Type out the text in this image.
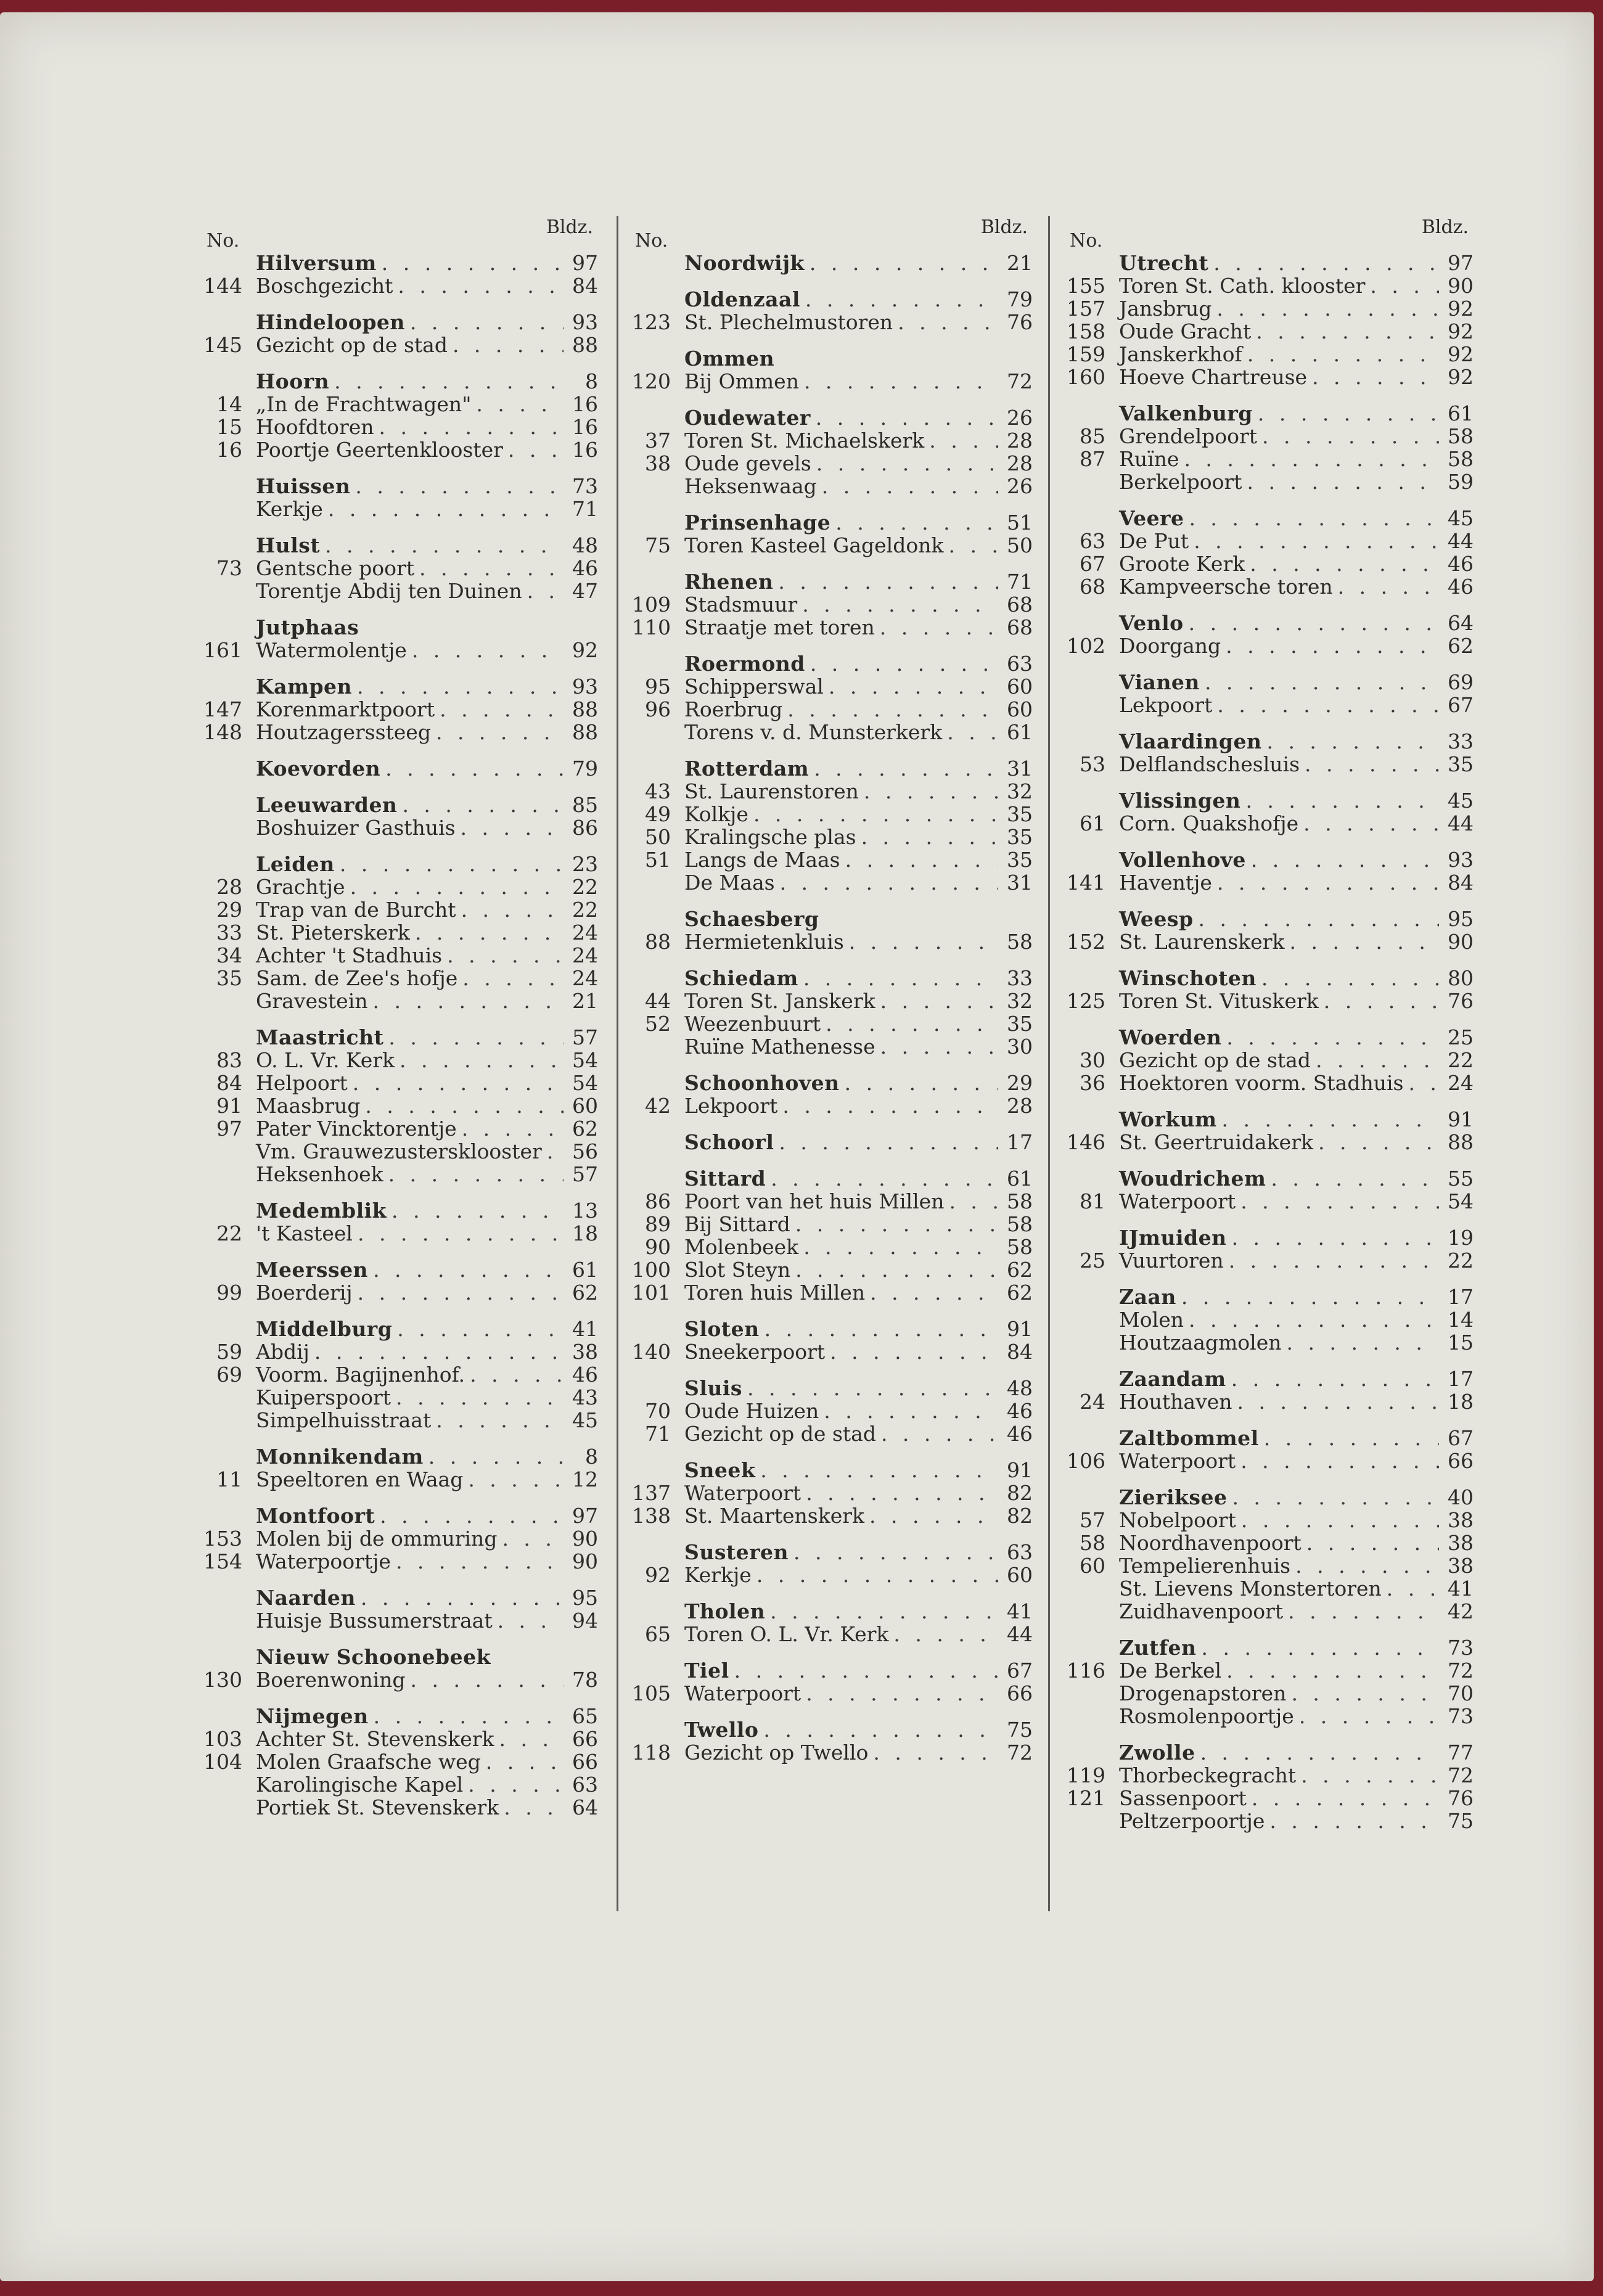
No.
Bldz.
Hilversum . . .	97
144 Boschgezicht . . .	84
Hindeloopen . . .	93
145 Gezicht op de stad . . .	88
Hoorn . . .	8
14 „In de Frachtwagen" . . .	16
15 Hoofdtoren . . .	16
16 Poortje Geertenklooster . . .	16
Huissen . . .	73
Kerkje . . .	71
Hulst . . .	48
73 Gentsche poort . . .	46
Torentje Abdij ten Duinen . . .	47
Jutphaas
161 Watermolentje . . .	92
Kampen . . .	93
147 Korenmarktpoort . . .	88
148 Houtzagerssteeg . . .	88
Koevorden . . .	79
Leeuwarden . . .	85
Boshuizer Gasthuis . . .	86
Leiden . . .	23
28 Grachtje . . .	22
29 Trap van de Burcht . . .	22
33 St. Pieterskerk . . .	24
34 Achter 't Stadhuis . . .	24
35 Sam. de Zee's hofje . . .	24
Gravestein . . .	21
Maastricht . . .	57
83 O. L. Vr. Kerk . . .	54
84 Helpoort . . .	54
91 Maasbrug . . .	60
97 Pater Vincktorentje . . .	62
Vm. Grauwezustersklooster . . .	56
Heksenhoek . . .	57
Medemblik . . .	13
22 't Kasteel . . .	18
Meerssen . . .	61
99 Boerderij . . .	62
Middelburg . . .	41
59 Abdij . . .	38
69 Voorm. Bagijnenhof. . . .	46
Kuiperspoort . . .	43
Simpelhuisstraat . . .	45
Monnikendam . . .	8
11 Speeltoren en Waag . . .	12
Montfoort . . .	97
153 Molen bij de ommuring . . .	90
154 Waterpoortje . . .	90
Naarden . . .	95
Huisje Bussumerstraat . . .	94
Nieuw Schoonebeek
130 Boerenwoning . . .	78
Nijmegen . . .	65
103 Achter St. Stevenskerk . . .	66
104 Molen Graafsche weg . . .	66
Karolingische Kapel . . .	63
Portiek St. Stevenskerk . . .	64
No.
Bldz.
Noordwijk . . .	21
Oldenzaal . . .	79
123 St. Plechelmustoren . . .	76
Ommen
120 Bij Ommen . . .	72
Oudewater . . .	26
37 Toren St. Michaelskerk . . .	28
38 Oude gevels . . .	28
Heksenwaag . . .	26
Prinsenhage . . .	51
75 Toren Kasteel Gageldonk . . .	50
Rhenen . . .	71
109 Stadsmuur . . .	68
110 Straatje met toren . . .	68
Roermond . . .	63
95 Schipperswal . . .	60
96 Roerbrug . . .	60
Torens v. d. Munsterkerk . . .	61
Rotterdam . . .	31
43 St. Laurenstoren . . .	32
49 Kolkje . . .	35
50 Kralingsche plas . . .	35
51 Langs de Maas . . .	35
De Maas . . .	31
Schaesberg
88 Hermietenkluis . . .	58
Schiedam . . .	33
44 Toren St. Janskerk . . .	32
52 Weezenbuurt . . .	35
Ruïne Mathenesse . . .	30
Schoonhoven . . .	29
42 Lekpoort . . .	28
Schoorl . . .	17
Sittard . . .	61
86 Poort van het huis Millen . . .	58
89 Bij Sittard . . .	58
90 Molenbeek . . .	58
100 Slot Steyn . . .	62
101 Toren huis Millen . . .	62
Sloten . . .	91
140 Sneekerpoort . . .	84
Sluis . . .	48
70 Oude Huizen . . .	46
71 Gezicht op de stad . . .	46
Sneek . . .	91
137 Waterpoort . . .	82
138 St. Maartenskerk . . .	82
Susteren . . .	63
92 Kerkje . . .	60
Tholen . . .	41
65 Toren O. L. Vr. Kerk . . .	44
Tiel . . .	67
105 Waterpoort . . .	66
Twello . . .	75
118 Gezicht op Twello . . .	72
No.
Bldz.
Utrecht . . .	97
155 Toren St. Cath. klooster . . .	90
157 Jansbrug . . .	92
158 Oude Gracht . . .	92
159 Janskerkhof . . .	92
160 Hoeve Chartreuse . . .	92
Valkenburg . . .	61
85 Grendelpoort . . .	58
87 Ruïne . . .	58
Berkelpoort . . .	59
Veere . . .	45
63 De Put . . .	44
67 Groote Kerk . . .	46
68 Kampveersche toren . . .	46
Venlo . . .	64
102 Doorgang . . .	62
Vianen . . .	69
Lekpoort . . .	67
Vlaardingen . . .	33
53 Delflandschesluis . . .	35
Vlissingen . . .	45
61 Corn. Quakshofje . . .	44
Vollenhove . . .	93
141 Haventje . . .	84
Weesp . . .	95
152 St. Laurenskerk . . .	90
Winschoten . . .	80
125 Toren St. Vituskerk . . .	76
Woerden . . .	25
30 Gezicht op de stad . . .	22
36 Hoektoren voorm. Stadhuis . . .	24
Workum . . .	91
146 St. Geertruidakerk . . .	88
Woudrichem . . .	55
81 Waterpoort . . .	54
IJmuiden . . .	19
25 Vuurtoren . . .	22
Zaan . . .	17
Molen . . .	14
Houtzaagmolen . . .	15
Zaandam . . .	17
24 Houthaven . . .	18
Zaltbommel . . .	67
106 Waterpoort . . .	66
Zieriksee . . .	40
57 Nobelpoort . . .	38
58 Noordhavenpoort . . .	38
60 Tempelierenhuis . . .	38
St. Lievens Monstertoren . . .	41
Zuidhavenpoort . . .	42
Zutfen . . .	73
116 De Berkel . . .	72
Drogenapstoren . . .	70
Rosmolenpoortje . . .	73
Zwolle . . .	77
119 Thorbeckegracht . . .	72
121 Sassenpoort . . .	76
Peltzerpoortje . . .	75
